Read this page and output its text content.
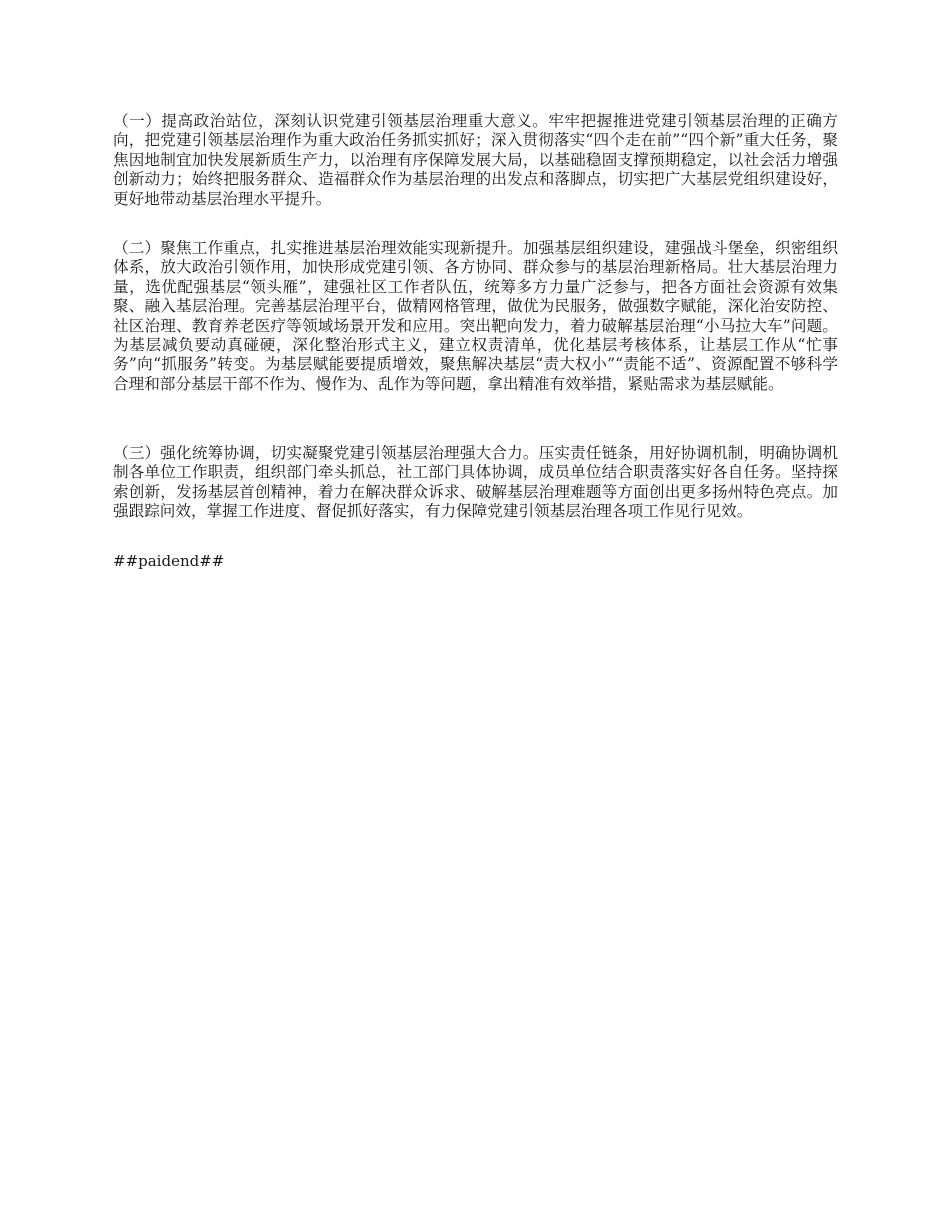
（一）提高政治站位，深刻认识党建引领基层治理重大意义。牢牢把握推进党建引领基层治理的正确方向，把党建引领基层治理作为重大政治任务抓实抓好；深入贯彻落实“四个走在前”“四个新”重大任务，聚焦因地制宜加快发展新质生产力，以治理有序保障发展大局，以基础稳固支撑预期稳定，以社会活力增强创新动力；始终把服务群众、造福群众作为基层治理的出发点和落脚点，切实把广大基层党组织建设好，更好地带动基层治理水平提升。

（二）聚焦工作重点，扎实推进基层治理效能实现新提升。加强基层组织建设，建强战斗堡垒，织密组织体系，放大政治引领作用，加快形成党建引领、各方协同、群众参与的基层治理新格局。壮大基层治理力量，选优配强基层“领头雁”，建强社区工作者队伍，统筹多方力量广泛参与，把各方面社会资源有效集聚、融入基层治理。完善基层治理平台，做精网格管理，做优为民服务，做强数字赋能，深化治安防控、社区治理、教育养老医疗等领域场景开发和应用。突出靶向发力，着力破解基层治理“小马拉大车”问题。为基层减负要动真碰硬，深化整治形式主义，建立权责清单，优化基层考核体系，让基层工作从“忙事务”向“抓服务”转变。为基层赋能要提质增效，聚焦解决基层“责大权小”“责能不适”、资源配置不够科学合理和部分基层干部不作为、慢作为、乱作为等问题，拿出精准有效举措，紧贴需求为基层赋能。

（三）强化统筹协调，切实凝聚党建引领基层治理强大合力。压实责任链条，用好协调机制，明确协调机制各单位工作职责，组织部门牵头抓总，社工部门具体协调，成员单位结合职责落实好各自任务。坚持探索创新，发扬基层首创精神，着力在解决群众诉求、破解基层治理难题等方面创出更多扬州特色亮点。加强跟踪问效，掌握工作进度、督促抓好落实，有力保障党建引领基层治理各项工作见行见效。

##paidend##
